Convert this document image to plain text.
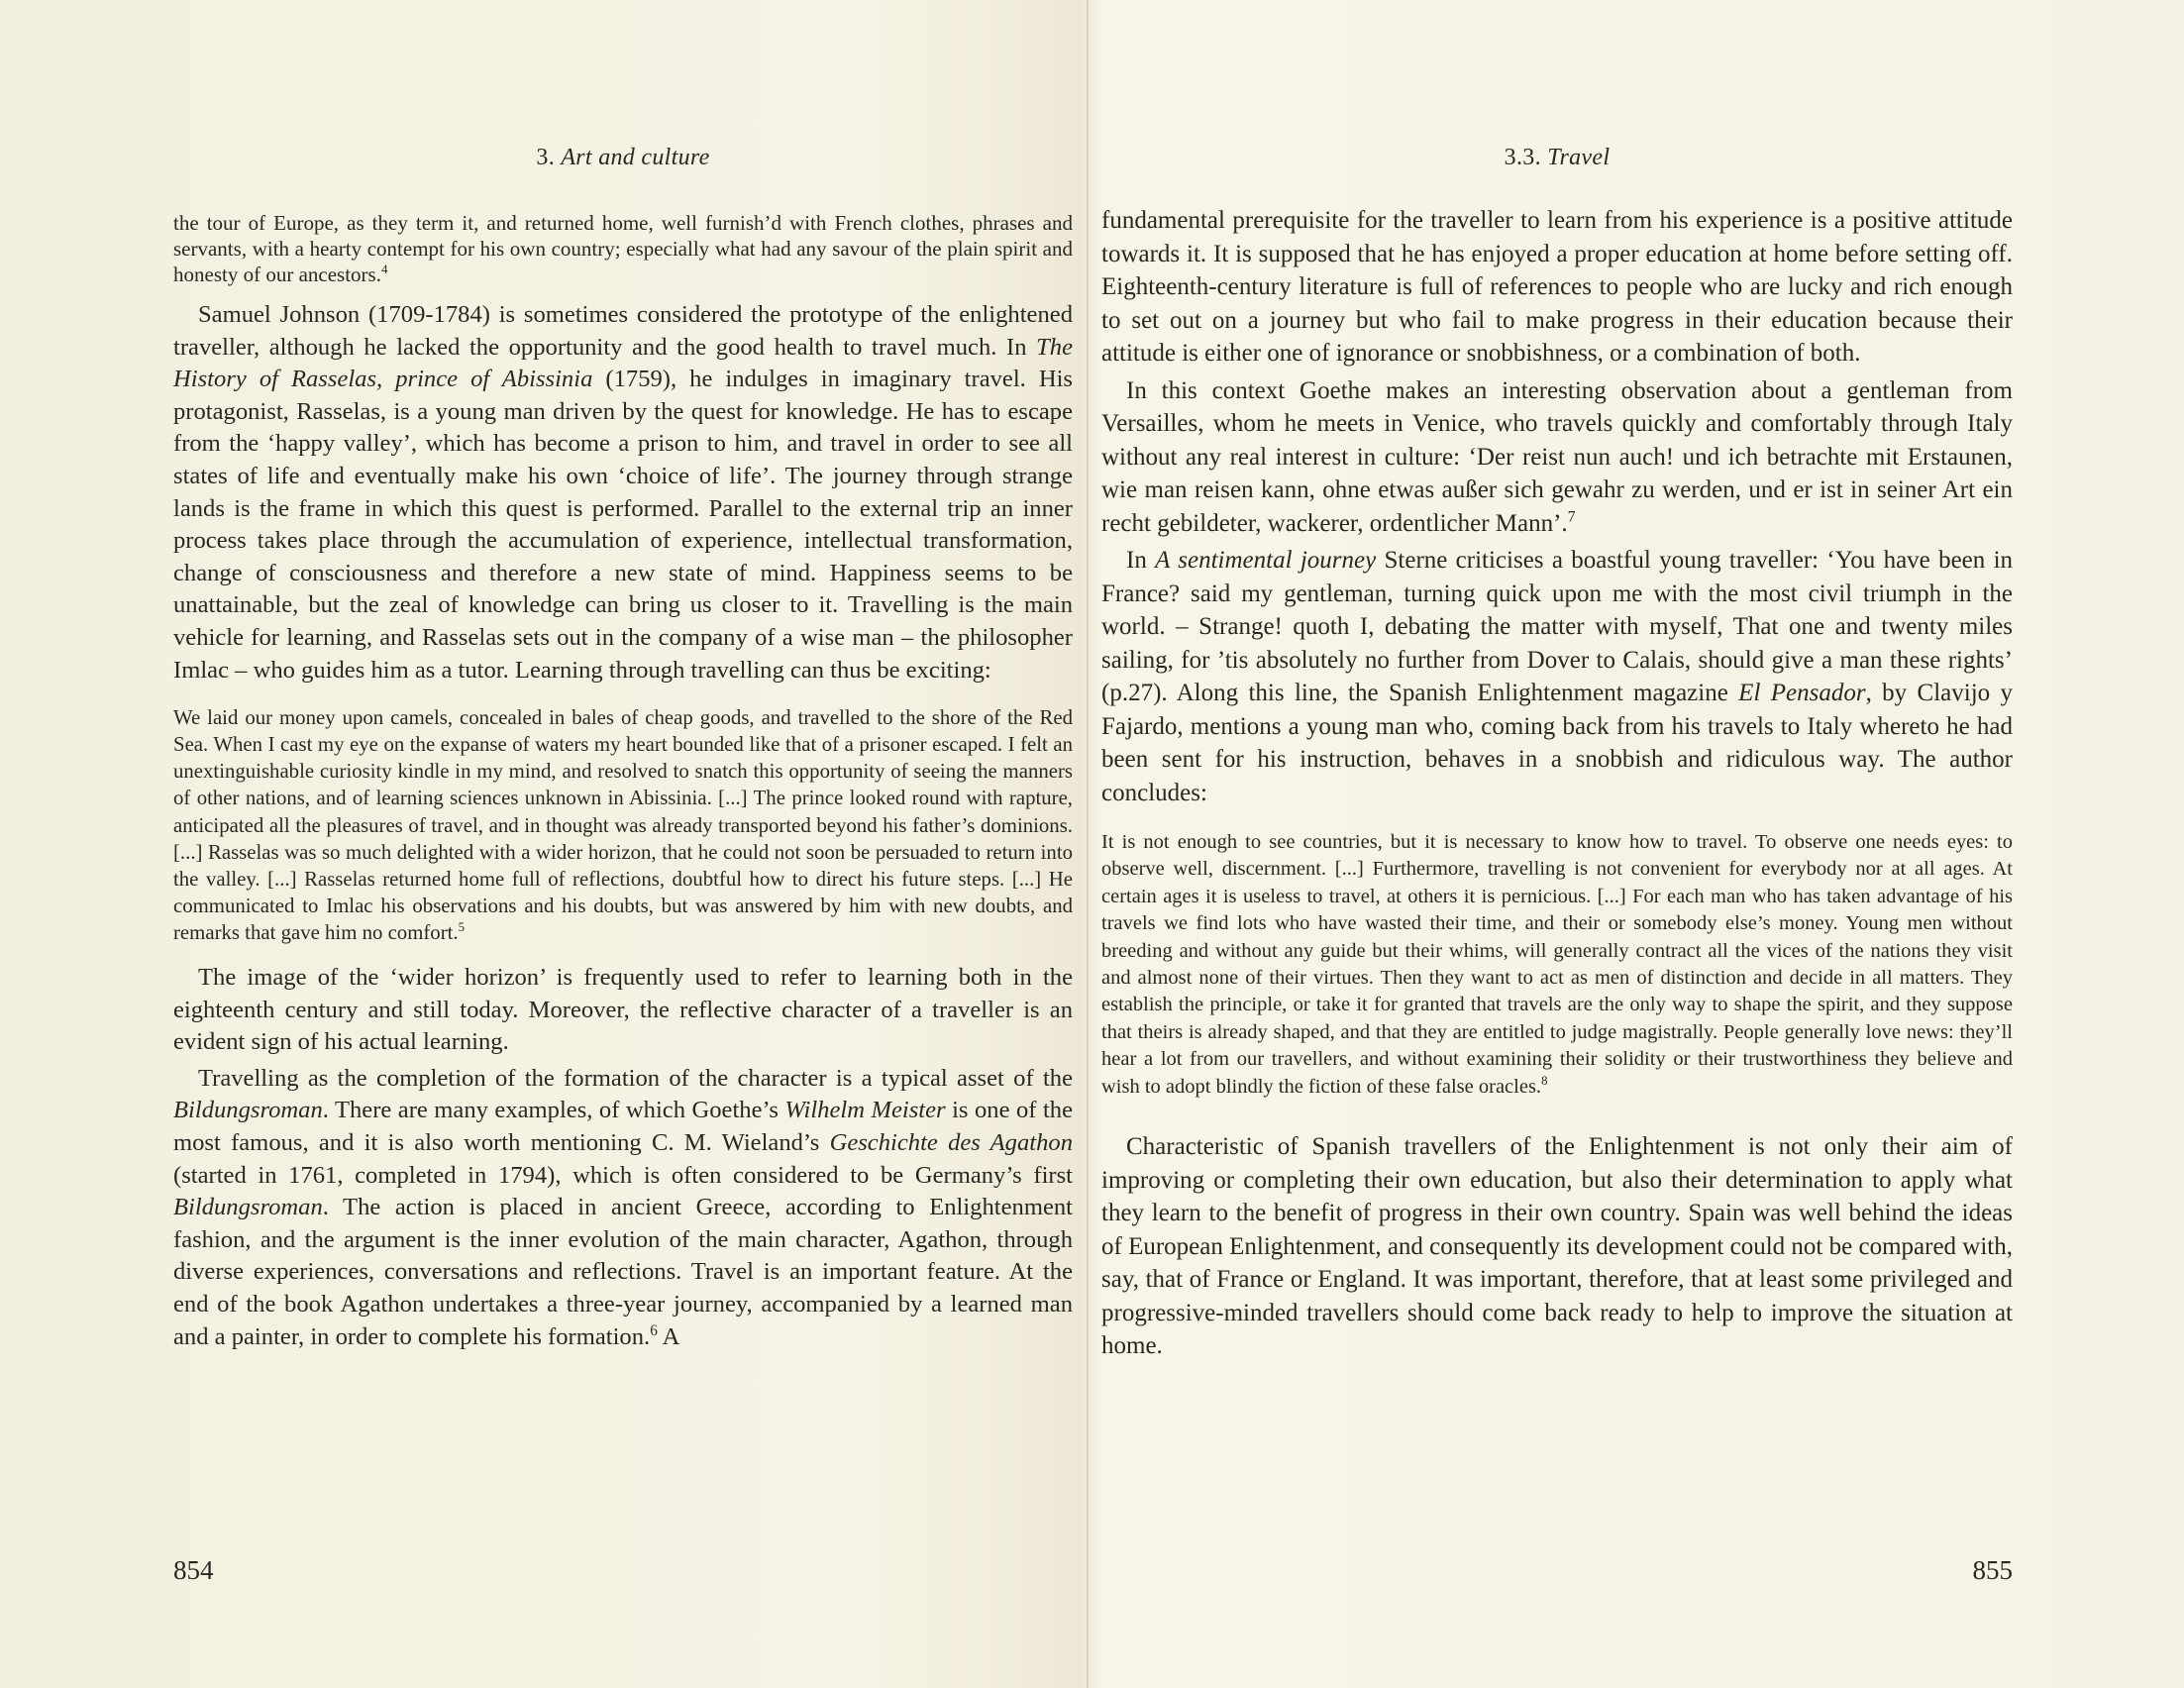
3. Art and culture

the tour of Europe, as they term it, and returned home, well furnish’d with French clothes, phrases and servants, with a hearty contempt for his own country; especially what had any savour of the plain spirit and honesty of our ancestors.$^4$

Samuel Johnson (1709-1784) is sometimes considered the prototype of the enlightened traveller, although he lacked the opportunity and the good health to travel much. In The History of Rasselas, prince of Abissinia (1759), he indulges in imaginary travel. His protagonist, Rasselas, is a young man driven by the quest for knowledge. He has to escape from the ‘happy valley’, which has become a prison to him, and travel in order to see all states of life and eventually make his own ‘choice of life’. The journey through strange lands is the frame in which this quest is performed. Parallel to the external trip an inner process takes place through the accumulation of experience, intellectual transformation, change of consciousness and therefore a new state of mind. Happiness seems to be unattainable, but the zeal of knowledge can bring us closer to it. Travelling is the main vehicle for learning, and Rasselas sets out in the company of a wise man – the philosopher Imlac – who guides him as a tutor. Learning through travelling can thus be exciting:

We laid our money upon camels, concealed in bales of cheap goods, and travelled to the shore of the Red Sea. When I cast my eye on the expanse of waters my heart bounded like that of a prisoner escaped. I felt an unextinguishable curiosity kindle in my mind, and resolved to snatch this opportunity of seeing the manners of other nations, and of learning sciences unknown in Abissinia. [...] The prince looked round with rapture, anticipated all the pleasures of travel, and in thought was already transported beyond his father’s dominions. [...] Rasselas was so much delighted with a wider horizon, that he could not soon be persuaded to return into the valley. [...] Rasselas returned home full of reflections, doubtful how to direct his future steps. [...] He communicated to Imlac his observations and his doubts, but was answered by him with new doubts, and remarks that gave him no comfort.$^5$

The image of the ‘wider horizon’ is frequently used to refer to learning both in the eighteenth century and still today. Moreover, the reflective character of a traveller is an evident sign of his actual learning.

Travelling as the completion of the formation of the character is a typical asset of the Bildungsroman. There are many examples, of which Goethe’s Wilhelm Meister is one of the most famous, and it is also worth mentioning C. M. Wieland’s Geschichte des Agathon (started in 1761, completed in 1794), which is often considered to be Germany’s first Bildungsroman. The action is placed in ancient Greece, according to Enlightenment fashion, and the argument is the inner evolution of the main character, Agathon, through diverse experiences, conversations and reflections. Travel is an important feature. At the end of the book Agathon undertakes a three-year journey, accompanied by a learned man and a painter, in order to complete his formation.$^6$ A

854
3.3. Travel

fundamental prerequisite for the traveller to learn from his experience is a positive attitude towards it. It is supposed that he has enjoyed a proper education at home before setting off. Eighteenth-century literature is full of references to people who are lucky and rich enough to set out on a journey but who fail to make progress in their education because their attitude is either one of ignorance or snobbishness, or a combination of both.

In this context Goethe makes an interesting observation about a gentleman from Versailles, whom he meets in Venice, who travels quickly and comfortably through Italy without any real interest in culture: ‘Der reist nun auch! und ich betrachte mit Erstaunen, wie man reisen kann, ohne etwas außer sich gewahr zu werden, und er ist in seiner Art ein recht gebildeter, wackerer, ordentlicher Mann’.$^7$

In A sentimental journey Sterne criticises a boastful young traveller: ‘You have been in France? said my gentleman, turning quick upon me with the most civil triumph in the world. – Strange! quoth I, debating the matter with myself, That one and twenty miles sailing, for ’tis absolutely no further from Dover to Calais, should give a man these rights’ (p.27). Along this line, the Spanish Enlightenment magazine El Pensador, by Clavijo y Fajardo, mentions a young man who, coming back from his travels to Italy whereto he had been sent for his instruction, behaves in a snobbish and ridiculous way. The author concludes:

It is not enough to see countries, but it is necessary to know how to travel. To observe one needs eyes: to observe well, discernment. [...] Furthermore, travelling is not convenient for everybody nor at all ages. At certain ages it is useless to travel, at others it is pernicious. [...] For each man who has taken advantage of his travels we find lots who have wasted their time, and their or somebody else’s money. Young men without breeding and without any guide but their whims, will generally contract all the vices of the nations they visit and almost none of their virtues. Then they want to act as men of distinction and decide in all matters. They establish the principle, or take it for granted that travels are the only way to shape the spirit, and they suppose that theirs is already shaped, and that they are entitled to judge magistrally. People generally love news: they’ll hear a lot from our travellers, and without examining their solidity or their trustworthiness they believe and wish to adopt blindly the fiction of these false oracles.$^8$

Characteristic of Spanish travellers of the Enlightenment is not only their aim of improving or completing their own education, but also their determination to apply what they learn to the benefit of progress in their own country. Spain was well behind the ideas of European Enlightenment, and consequently its development could not be compared with, say, that of France or England. It was important, therefore, that at least some privileged and progressive-minded travellers should come back ready to help to improve the situation at home.

855
